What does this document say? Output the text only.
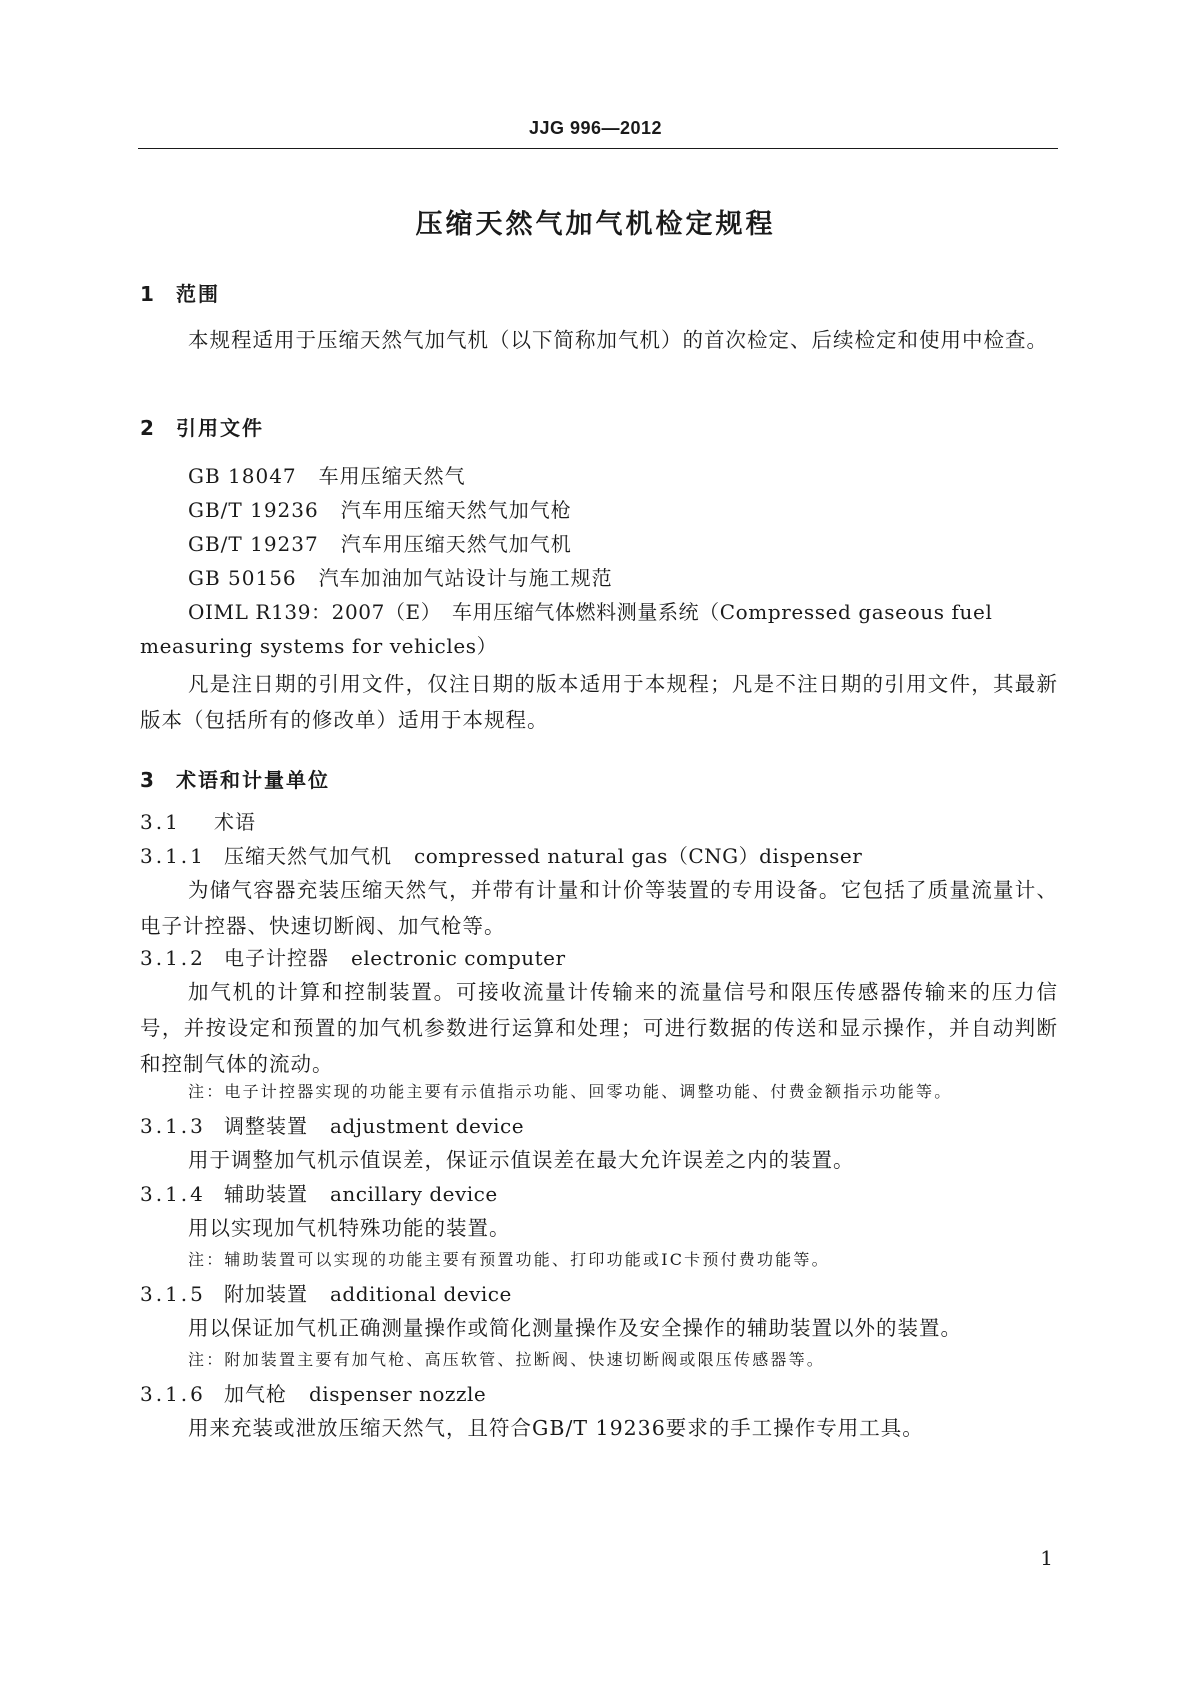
JJG 996—2012
压缩天然气加气机检定规程
1 范围
本规程适用于压缩天然气加气机（以下简称加气机）的首次检定、后续检定和使用中检查。
2 引用文件
GB 18047 车用压缩天然气
GB/T 19236 汽车用压缩天然气加气枪
GB/T 19237 汽车用压缩天然气加气机
GB 50156 汽车加油加气站设计与施工规范
OIML R139：2007（E）　车用压缩气体燃料测量系统（Compressed gaseous fuel
measuring systems for vehicles）
凡是注日期的引用文件，仅注日期的版本适用于本规程；凡是不注日期的引用文件，其最新版本（包括所有的修改单）适用于本规程。
3 术语和计量单位
3.1 术语
3.1.1 压缩天然气加气机 compressed natural gas（CNG）dispenser
为储气容器充装压缩天然气，并带有计量和计价等装置的专用设备。它包括了质量流量计、电子计控器、快速切断阀、加气枪等。
3.1.2 电子计控器 electronic computer
加气机的计算和控制装置。可接收流量计传输来的流量信号和限压传感器传输来的压力信号，并按设定和预置的加气机参数进行运算和处理；可进行数据的传送和显示操作，并自动判断和控制气体的流动。
注：电子计控器实现的功能主要有示值指示功能、回零功能、调整功能、付费金额指示功能等。
3.1.3 调整装置 adjustment device
用于调整加气机示值误差，保证示值误差在最大允许误差之内的装置。
3.1.4 辅助装置 ancillary device
用以实现加气机特殊功能的装置。
注：辅助装置可以实现的功能主要有预置功能、打印功能或IC卡预付费功能等。
3.1.5 附加装置 additional device
用以保证加气机正确测量操作或简化测量操作及安全操作的辅助装置以外的装置。
注：附加装置主要有加气枪、高压软管、拉断阀、快速切断阀或限压传感器等。
3.1.6 加气枪 dispenser nozzle
用来充装或泄放压缩天然气，且符合GB/T 19236要求的手工操作专用工具。
1
